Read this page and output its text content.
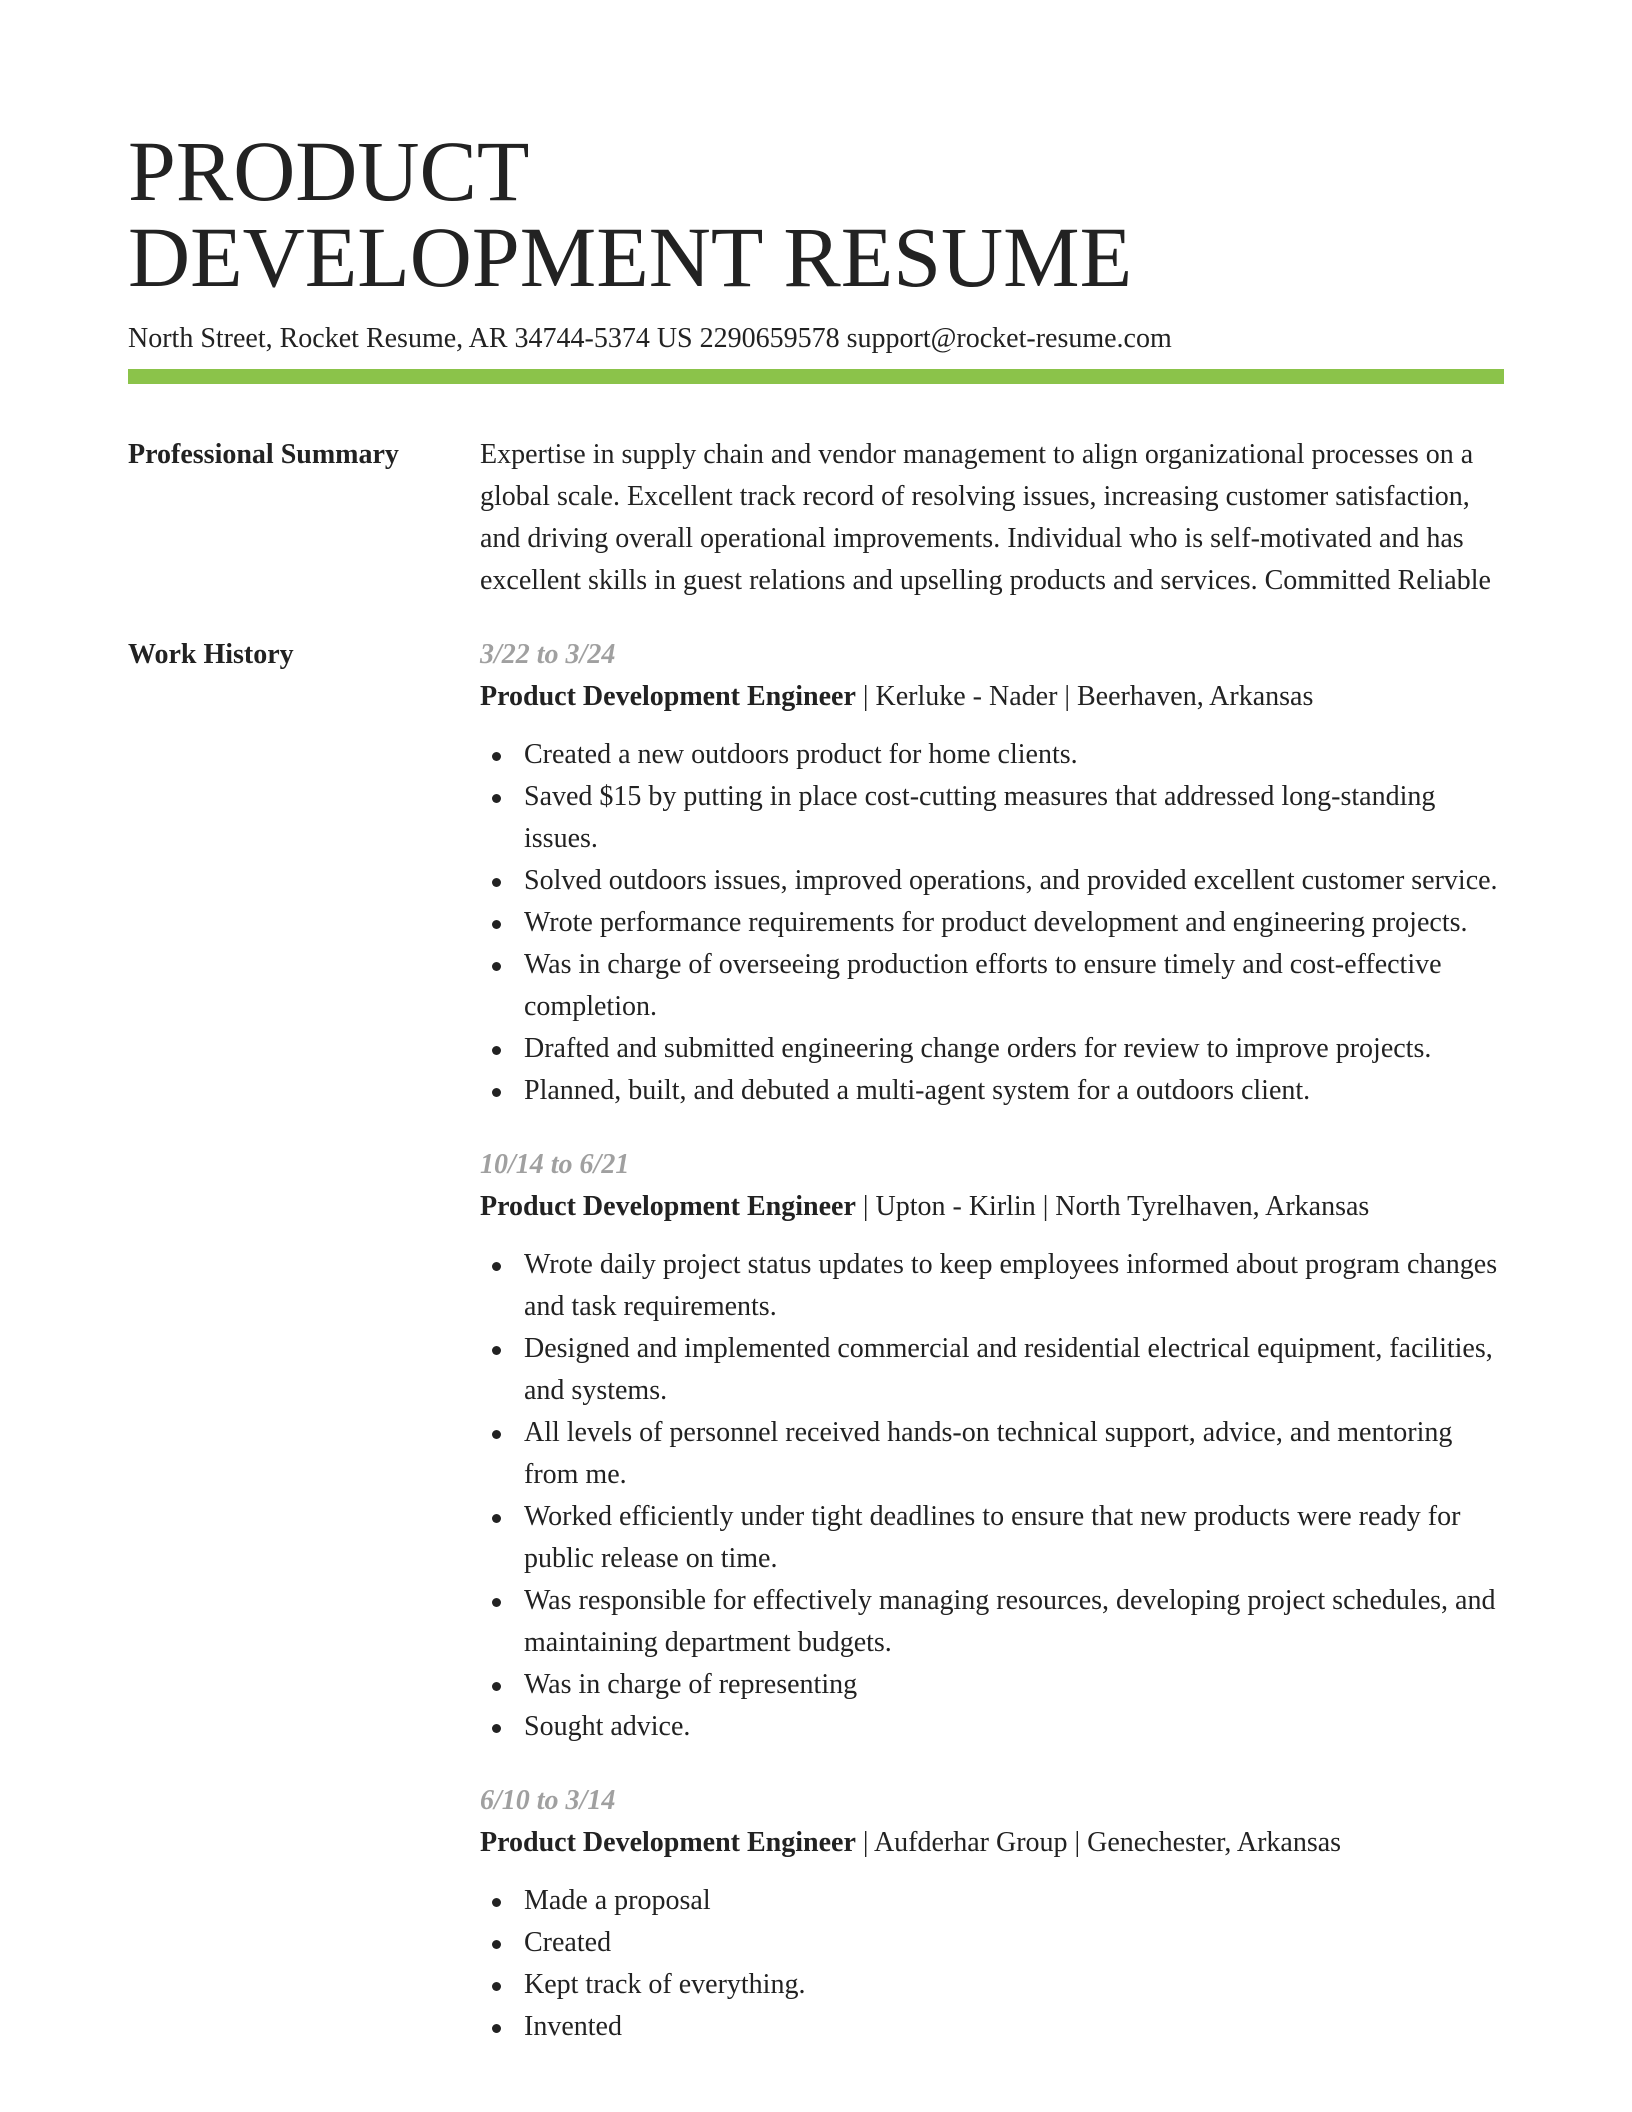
PRODUCT
DEVELOPMENT RESUME
North Street, Rocket Resume, AR 34744-5374 US 2290659578 support@rocket-resume.com
Professional Summary	Expertise in supply chain and vendor management to align organizational processes on a global scale. Excellent track record of resolving issues, increasing customer satisfaction, and driving overall operational improvements. Individual who is self-motivated and has excellent skills in guest relations and upselling products and services. Committed Reliable
Work History	3/22 to 3/24
Product Development Engineer | Kerluke - Nader | Beerhaven, Arkansas
Created a new outdoors product for home clients.
Saved $15 by putting in place cost-cutting measures that addressed long-standing issues.
Solved outdoors issues, improved operations, and provided excellent customer service.
Wrote performance requirements for product development and engineering projects.
Was in charge of overseeing production efforts to ensure timely and cost-effective completion.
Drafted and submitted engineering change orders for review to improve projects.
Planned, built, and debuted a multi-agent system for a outdoors client.
10/14 to 6/21
Product Development Engineer | Upton - Kirlin | North Tyrelhaven, Arkansas
Wrote daily project status updates to keep employees informed about program changes and task requirements.
Designed and implemented commercial and residential electrical equipment, facilities, and systems.
All levels of personnel received hands-on technical support, advice, and mentoring from me.
Worked efficiently under tight deadlines to ensure that new products were ready for public release on time.
Was responsible for effectively managing resources, developing project schedules, and maintaining department budgets.
Was in charge of representing
Sought advice.
6/10 to 3/14
Product Development Engineer | Aufderhar Group | Genechester, Arkansas
Made a proposal
Created
Kept track of everything.
Invented
